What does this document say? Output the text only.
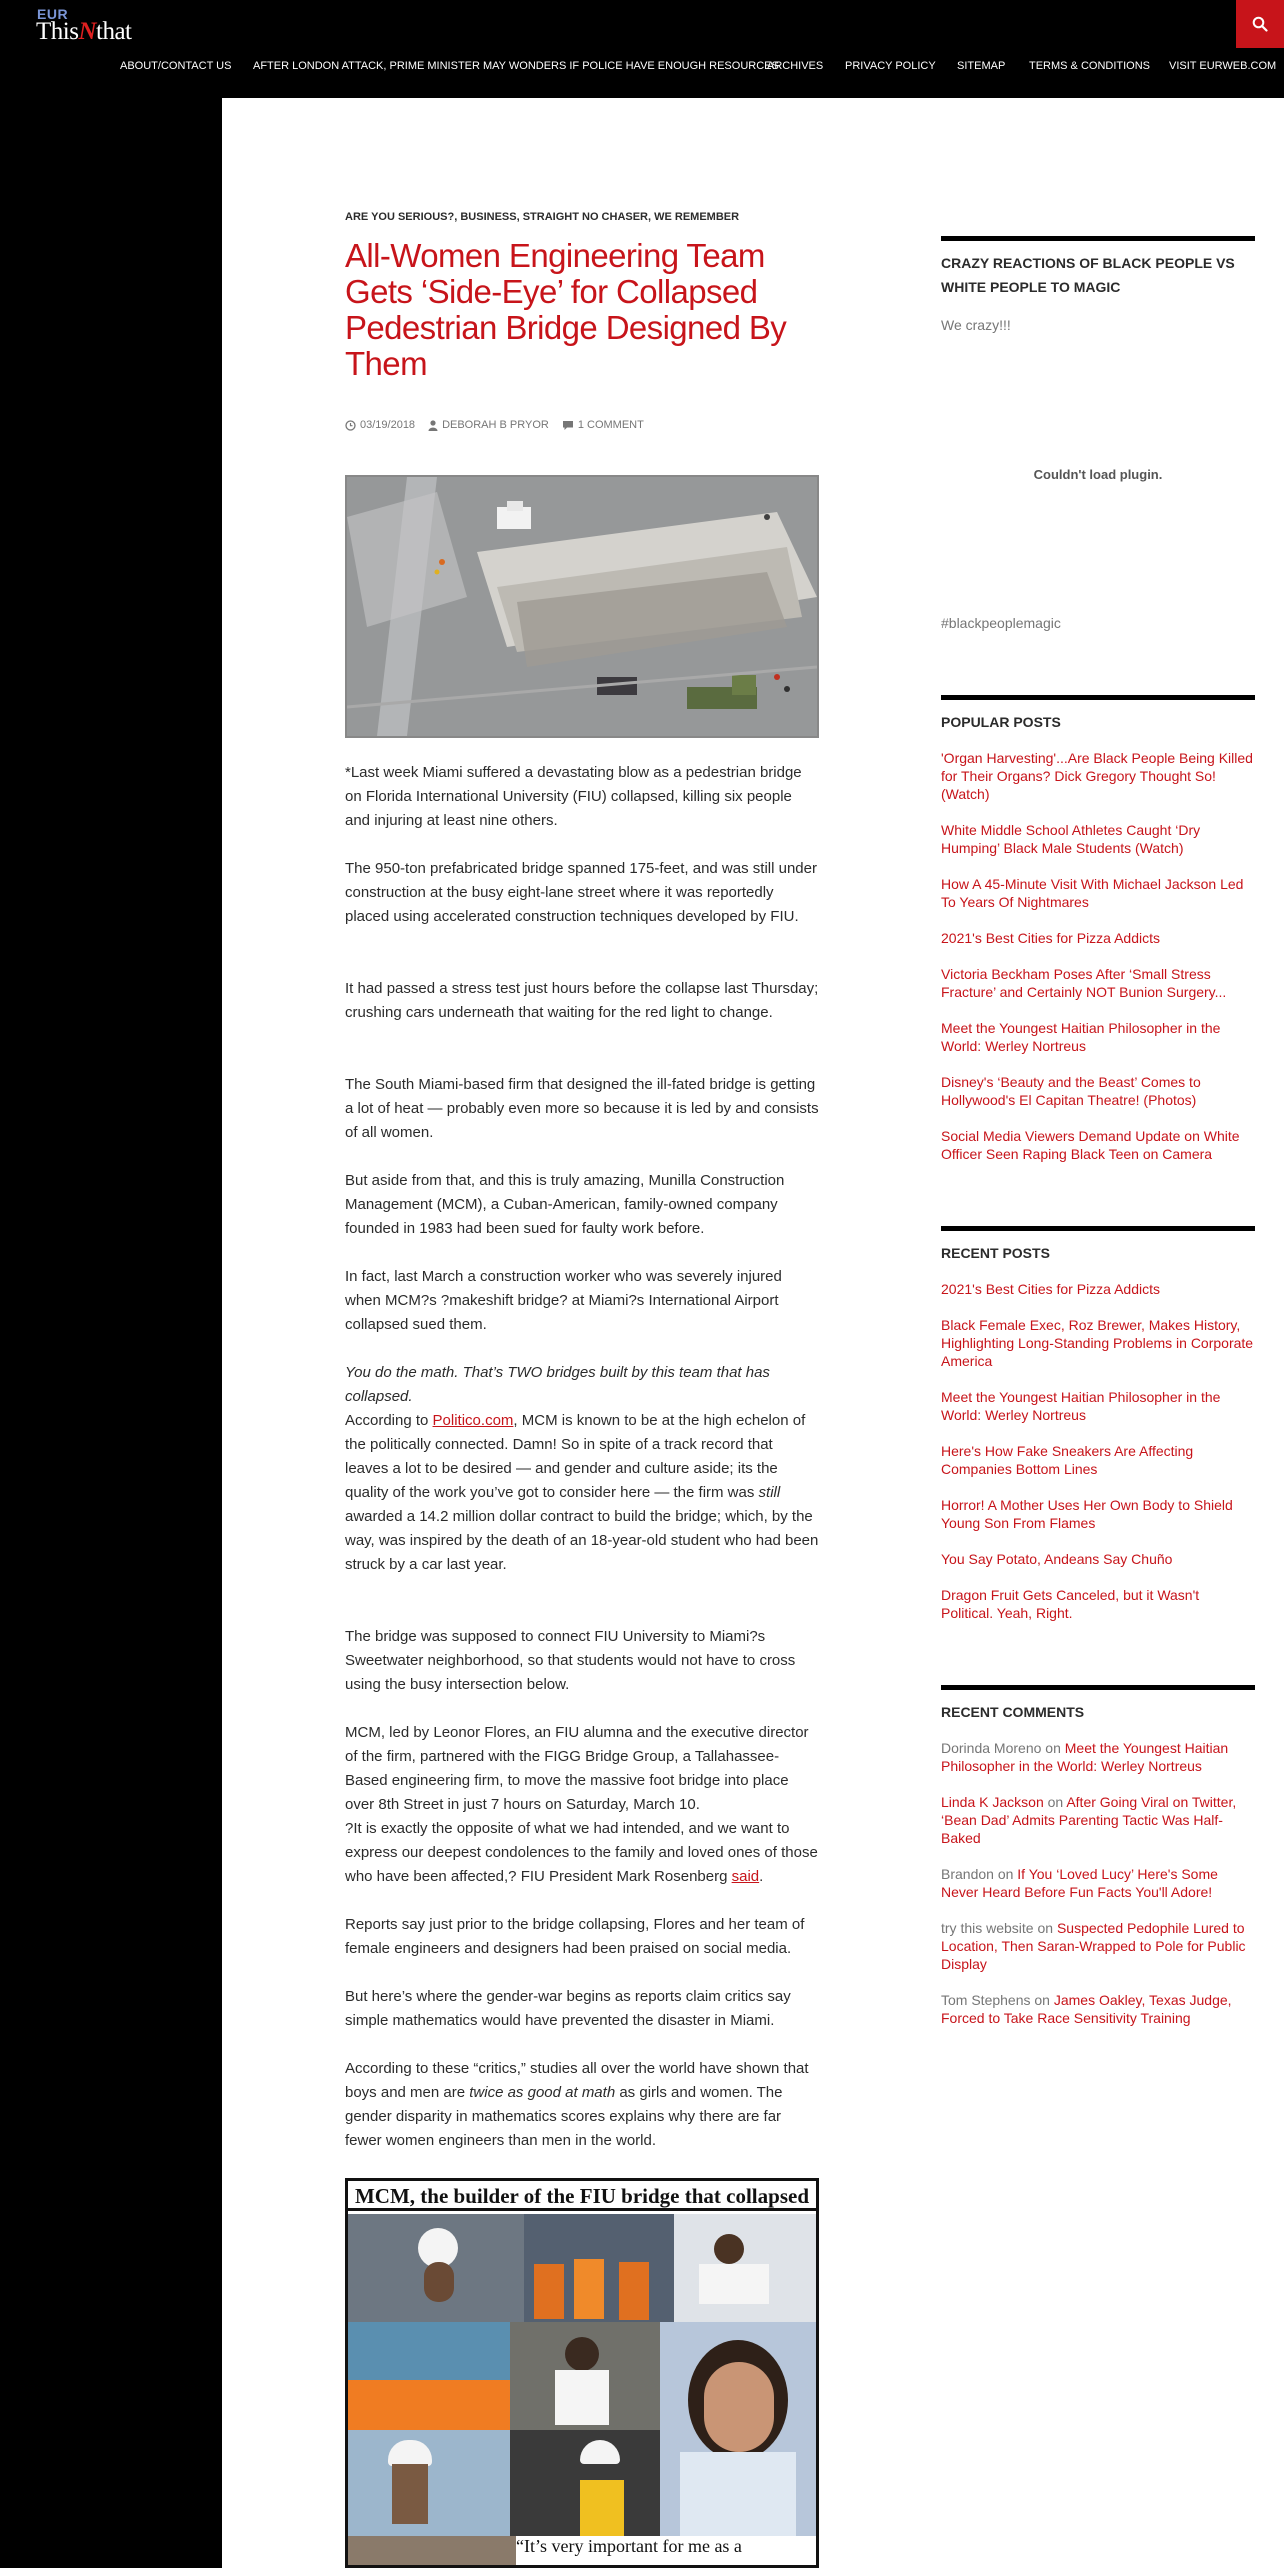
EUR
ThisNthat
ABOUT/CONTACT US AFTER LONDON ATTACK, PRIME MINISTER MAY WONDERS IF POLICE HAVE ENOUGH RESOURCES
ARCHIVES PRIVACY POLICY SITEMAP TERMS & CONDITIONS VISIT EURWEB.COM
ARE YOU SERIOUS?, BUSINESS, STRAIGHT NO CHASER, WE REMEMBER
All-Women Engineering Team Gets ‘Side-Eye’ for Collapsed Pedestrian Bridge Designed By Them
03/19/2018 DEBORAH B PRYOR	1 COMMENT

*Last week Miami suffered a devastating blow as a pedestrian bridge on Florida International University (FIU) collapsed, killing six people and injuring at least nine others.

The 950-ton prefabricated bridge spanned 175-feet, and was still under construction at the busy eight-lane street where it was reportedly placed using accelerated construction techniques developed by FIU.

It had passed a stress test just hours before the collapse last Thursday; crushing cars underneath that waiting for the red light to change.

The South Miami-based firm that designed the ill-fated bridge is getting a lot of heat — probably even more so because it is led by and consists of all women.

But aside from that, and this is truly amazing, Munilla Construction Management (MCM), a Cuban-American, family-owned company founded in 1983 had been sued for faulty work before.

In fact, last March a construction worker who was severely injured when MCM?s ?makeshift bridge? at Miami?s International Airport collapsed sued them.

You do the math. That’s TWO bridges built by this team that has collapsed.

According to Politico.com, MCM is known to be at the high echelon of the politically connected. Damn! So in spite of a track record that leaves a lot to be desired — and gender and culture aside; its the quality of the work you’ve got to consider here — the firm was still awarded a 14.2 million dollar contract to build the bridge; which, by the way, was inspired by the death of an 18-year-old student who had been struck by a car last year.

The bridge was supposed to connect FIU University to Miami?s Sweetwater neighborhood, so that students would not have to cross using the busy intersection below.

MCM, led by Leonor Flores, an FIU alumna and the executive director of the firm, partnered with the FIGG Bridge Group, a Tallahassee-Based engineering firm, to move the massive foot bridge into place over 8th Street in just 7 hours on Saturday, March 10.

?It is exactly the opposite of what we had intended, and we want to express our deepest condolences to the family and loved ones of those who have been affected,? FIU President Mark Rosenberg said.

Reports say just prior to the bridge collapsing, Flores and her team of female engineers and designers had been praised on social media.

But here’s where the gender-war begins as reports claim critics say simple mathematics would have prevented the disaster in Miami.

According to these “critics,” studies all over the world have shown that boys and men are twice as good at math as girls and women. The gender disparity in mathematics scores explains why there are far fewer women engineers than men in the world.

MCM, the builder of the FIU bridge that collapsed
“It’s very important for me as a
CRAZY REACTIONS OF BLACK PEOPLE VS WHITE PEOPLE TO MAGIC
We crazy!!!
Couldn't load plugin.
#blackpeoplemagic
POPULAR POSTS
'Organ Harvesting'...Are Black People Being Killed for Their Organs? Dick Gregory Thought So! (Watch)
White Middle School Athletes Caught ‘Dry Humping’ Black Male Students (Watch)
How A 45-Minute Visit With Michael Jackson Led To Years Of Nightmares
2021's Best Cities for Pizza Addicts
Victoria Beckham Poses After ‘Small Stress Fracture’ and Certainly NOT Bunion Surgery...
Meet the Youngest Haitian Philosopher in the World: Werley Nortreus
Disney's ‘Beauty and the Beast’ Comes to Hollywood's El Capitan Theatre! (Photos)
Social Media Viewers Demand Update on White Officer Seen Raping Black Teen on Camera
RECENT POSTS
2021's Best Cities for Pizza Addicts
Black Female Exec, Roz Brewer, Makes History, Highlighting Long-Standing Problems in Corporate America
Meet the Youngest Haitian Philosopher in the World: Werley Nortreus
Here's How Fake Sneakers Are Affecting Companies Bottom Lines
Horror! A Mother Uses Her Own Body to Shield Young Son From Flames
You Say Potato, Andeans Say Chuño
Dragon Fruit Gets Canceled, but it Wasn't Political. Yeah, Right.
RECENT COMMENTS
Dorinda Moreno on Meet the Youngest Haitian Philosopher in the World: Werley Nortreus
Linda K Jackson on After Going Viral on Twitter, ‘Bean Dad’ Admits Parenting Tactic Was Half-Baked
Brandon on If You ‘Loved Lucy’ Here's Some Never Heard Before Fun Facts You'll Adore!
try this website on Suspected Pedophile Lured to Location, Then Saran-Wrapped to Pole for Public Display
Tom Stephens on James Oakley, Texas Judge, Forced to Take Race Sensitivity Training
